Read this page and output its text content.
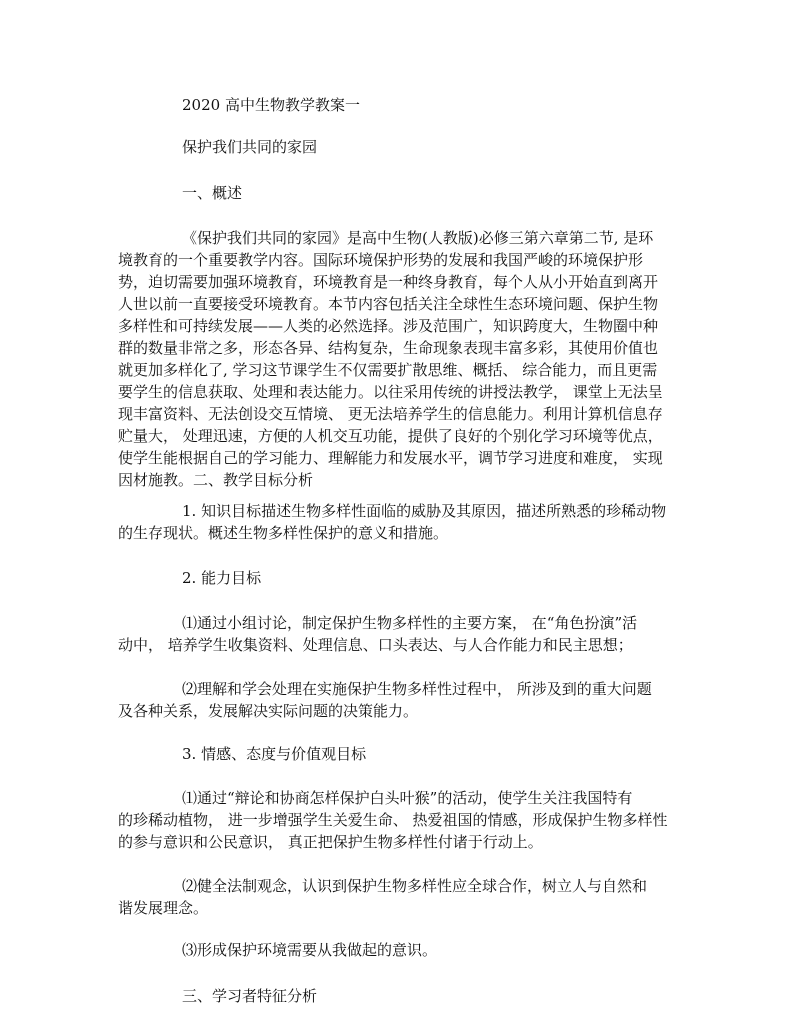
2020 高中生物教学教案一
保护我们共同的家园
一、概述

《保护我们共同的家园》是高中生物(人教版)必修三第六章第二节, 是环

境教育的一个重要教学内容。国际环境保护形势的发展和我国严峻的环境保护形

势，迫切需要加强环境教育，环境教育是一种终身教育，每个人从小开始直到离开

人世以前一直要接受环境教育。本节内容包括关注全球性生态环境问题、保护生物

多样性和可持续发展——人类的必然选择。涉及范围广，知识跨度大，生物圈中种

群的数量非常之多，形态各异、结构复杂，生命现象表现丰富多彩，其使用价值也

就更加多样化了, 学习这节课学生不仅需要扩散思维、概括、 综合能力，而且更需

要学生的信息获取、处理和表达能力。以往采用传统的讲授法教学， 课堂上无法呈

现丰富资料、无法创设交互情境、 更无法培养学生的信息能力。利用计算机信息存

贮量大， 处理迅速，方便的人机交互功能，提供了良好的个别化学习环境等优点，

使学生能根据自己的学习能力、理解能力和发展水平，调节学习进度和难度， 实现

因材施教。二、教学目标分析

1. 知识目标描述生物多样性面临的威胁及其原因，描述所熟悉的珍稀动物

的生存现状。概述生物多样性保护的意义和措施。

2. 能力目标

⑴通过小组讨论，制定保护生物多样性的主要方案， 在“角色扮演”活

动中， 培养学生收集资料、处理信息、口头表达、与人合作能力和民主思想；

⑵理解和学会处理在实施保护生物多样性过程中， 所涉及到的重大问题

及各种关系，发展解决实际问题的决策能力。

3. 情感、态度与价值观目标

⑴通过“辩论和协商怎样保护白头叶猴”的活动，使学生关注我国特有

的珍稀动植物， 进一步增强学生关爱生命、 热爱祖国的情感，形成保护生物多样性

的参与意识和公民意识， 真正把保护生物多样性付诸于行动上。

⑵健全法制观念，认识到保护生物多样性应全球合作，树立人与自然和

谐发展理念。

⑶形成保护环境需要从我做起的意识。
三、学习者特征分析
